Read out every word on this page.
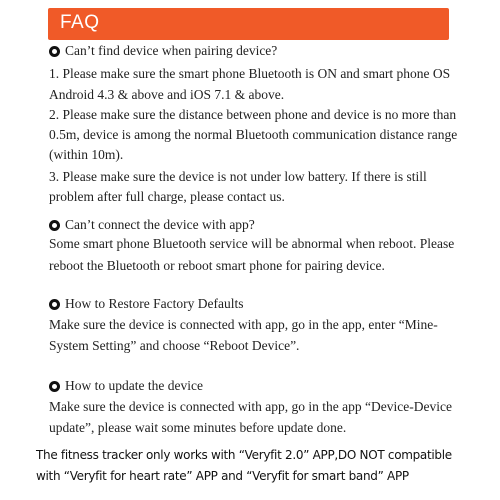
FAQ
Can’t find device when pairing device?
1. Please make sure the smart phone Bluetooth is ON and smart phone OS
Android 4.3 & above and iOS 7.1 & above.
2. Please make sure the distance between phone and device is no more than
0.5m, device is among the normal Bluetooth communication distance range
(within 10m).
3. Please make sure the device is not under low battery. If there is still
problem after full charge, please contact us.
Can’t connect the device with app?
Some smart phone Bluetooth service will be abnormal when reboot. Please
reboot the Bluetooth or reboot smart phone for pairing device.
How to Restore Factory Defaults
Make sure the device is connected with app, go in the app, enter “Mine-
System Setting” and choose “Reboot Device”.
How to update the device
Make sure the device is connected with app, go in the app “Device-Device
update”, please wait some minutes before update done.
The fitness tracker only works with “Veryfit 2.0” APP,DO NOT compatible
with “Veryfit for heart rate” APP and “Veryfit for smart band” APP
